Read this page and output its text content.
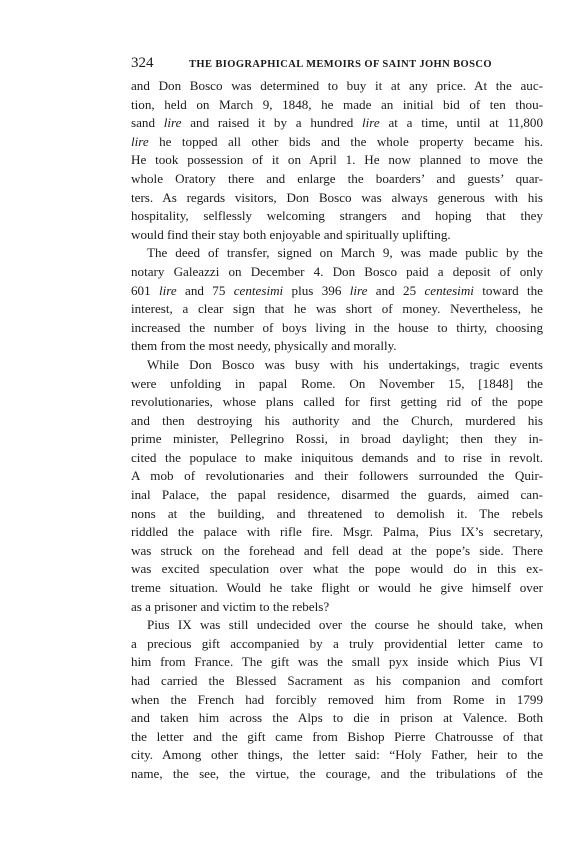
324	THE BIOGRAPHICAL MEMOIRS OF SAINT JOHN BOSCO
and Don Bosco was determined to buy it at any price. At the auc-
tion, held on March 9, 1848, he made an initial bid of ten thou-
sand lire and raised it by a hundred lire at a time, until at 11,800
lire he topped all other bids and the whole property became his.
He took possession of it on April 1. He now planned to move the
whole Oratory there and enlarge the boarders’ and guests’ quar-
ters. As regards visitors, Don Bosco was always generous with his
hospitality, selflessly welcoming strangers and hoping that they
would find their stay both enjoyable and spiritually uplifting.
The deed of transfer, signed on March 9, was made public by the
notary Galeazzi on December 4. Don Bosco paid a deposit of only
601 lire and 75 centesimi plus 396 lire and 25 centesimi toward the
interest, a clear sign that he was short of money. Nevertheless, he
increased the number of boys living in the house to thirty, choosing
them from the most needy, physically and morally.
While Don Bosco was busy with his undertakings, tragic events
were unfolding in papal Rome. On November 15, [1848] the
revolutionaries, whose plans called for first getting rid of the pope
and then destroying his authority and the Church, murdered his
prime minister, Pellegrino Rossi, in broad daylight; then they in-
cited the populace to make iniquitous demands and to rise in revolt.
A mob of revolutionaries and their followers surrounded the Quir-
inal Palace, the papal residence, disarmed the guards, aimed can-
nons at the building, and threatened to demolish it. The rebels
riddled the palace with rifle fire. Msgr. Palma, Pius IX’s secretary,
was struck on the forehead and fell dead at the pope’s side. There
was excited speculation over what the pope would do in this ex-
treme situation. Would he take flight or would he give himself over
as a prisoner and victim to the rebels?
Pius IX was still undecided over the course he should take, when
a precious gift accompanied by a truly providential letter came to
him from France. The gift was the small pyx inside which Pius VI
had carried the Blessed Sacrament as his companion and comfort
when the French had forcibly removed him from Rome in 1799
and taken him across the Alps to die in prison at Valence. Both
the letter and the gift came from Bishop Pierre Chatrousse of that
city. Among other things, the letter said: “Holy Father, heir to the
name, the see, the virtue, the courage, and the tribulations of the
